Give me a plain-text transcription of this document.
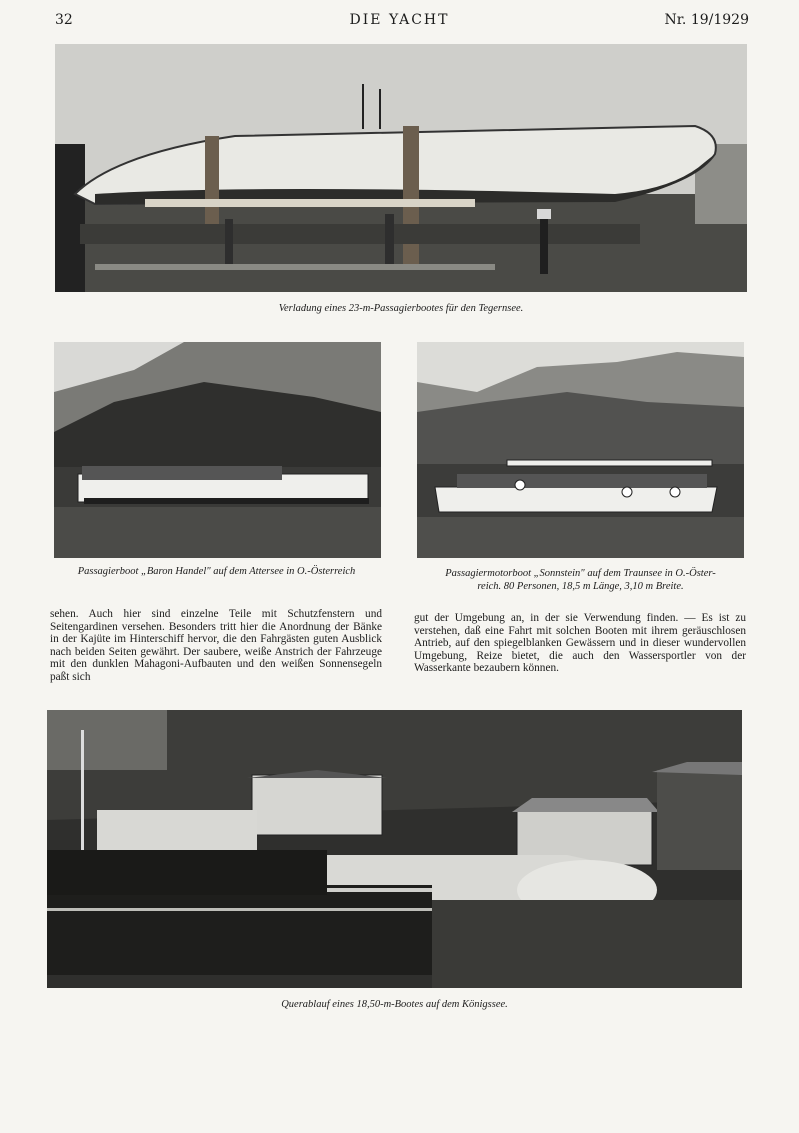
32	DIE YACHT	Nr. 19/1929
Verladung eines 23-m-Passagierbootes für den Tegernsee.
Passagierboot „Baron Handel" auf dem Attersee in O.-Österreich	Passagiermotorboot „Sonnstein" auf dem Traunsee in O.-Öster-
reich. 80 Personen, 18,5 m Länge, 3,10 m Breite.
sehen. Auch hier sind einzelne Teile mit Schutzfenstern und Seitengardinen versehen. Besonders tritt hier die Anordnung der Bänke in der Kajüte im Hinterschiff hervor, die den Fahrgästen guten Ausblick nach beiden Seiten gewährt. Der saubere, weiße Anstrich der Fahrzeuge mit den dunklen Mahagoni-Aufbauten und den weißen Sonnensegeln paßt sich
gut der Umgebung an, in der sie Verwendung finden. — Es ist zu verstehen, daß eine Fahrt mit solchen Booten mit ihrem geräuschlosen Antrieb, auf den spiegelblanken Gewässern und in dieser wundervollen Umgebung, Reize bietet, die auch den Wassersportler von der Wasserkante bezaubern können.
Querablauf eines 18,50-m-Bootes auf dem Königssee.
